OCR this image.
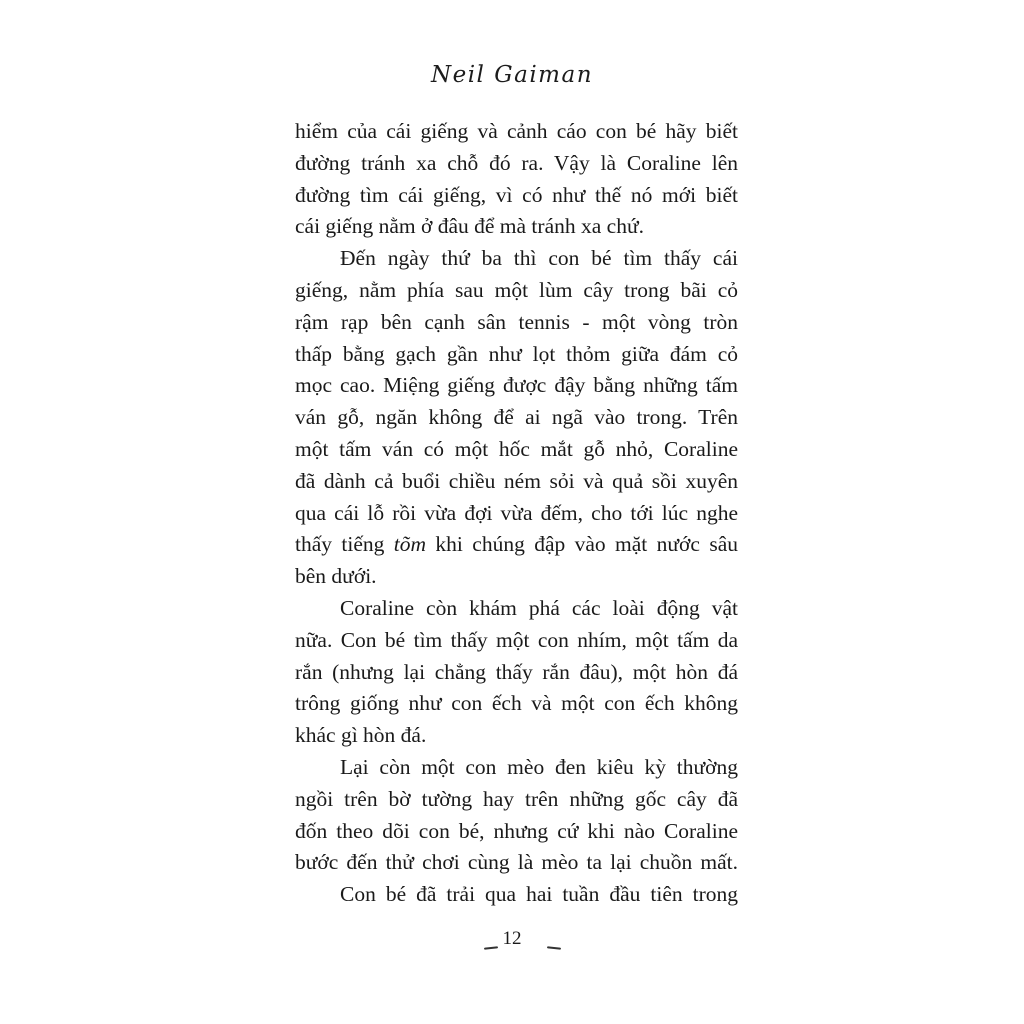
Neil Gaiman
hiểm của cái giếng và cảnh cáo con bé hãy biết
đường tránh xa chỗ đó ra. Vậy là Coraline lên
đường tìm cái giếng, vì có như thế nó mới biết
cái giếng nằm ở đâu để mà tránh xa chứ.
Đến ngày thứ ba thì con bé tìm thấy cái
giếng, nằm phía sau một lùm cây trong bãi cỏ
rậm rạp bên cạnh sân tennis - một vòng tròn
thấp bằng gạch gần như lọt thỏm giữa đám cỏ
mọc cao. Miệng giếng được đậy bằng những tấm
ván gỗ, ngăn không để ai ngã vào trong. Trên
một tấm ván có một hốc mắt gỗ nhỏ, Coraline
đã dành cả buổi chiều ném sỏi và quả sồi xuyên
qua cái lỗ rồi vừa đợi vừa đếm, cho tới lúc nghe
thấy tiếng tõm khi chúng đập vào mặt nước sâu
bên dưới.
Coraline còn khám phá các loài động vật
nữa. Con bé tìm thấy một con nhím, một tấm da
rắn (nhưng lại chẳng thấy rắn đâu), một hòn đá
trông giống như con ếch và một con ếch không
khác gì hòn đá.
Lại còn một con mèo đen kiêu kỳ thường
ngồi trên bờ tường hay trên những gốc cây đã
đốn theo dõi con bé, nhưng cứ khi nào Coraline
bước đến thử chơi cùng là mèo ta lại chuồn mất.
Con bé đã trải qua hai tuần đầu tiên trong
12
